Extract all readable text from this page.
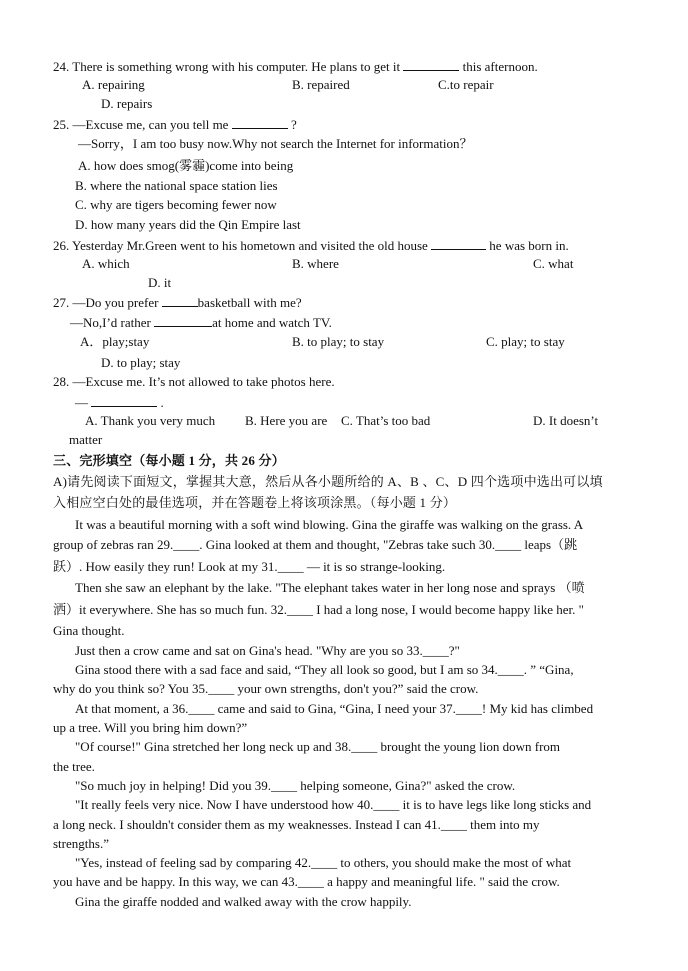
24. There is something wrong with his computer. He plans to get it	this afternoon.
A. repairing	B. repaired	C.to repair
D. repairs
25. —Excuse me, can you tell me	?
—Sorry，I am too busy now.Why not search the Internet for information？
A. how does smog(雾霾)come into being
B. where the national space station lies
C. why are tigers becoming fewer now
D. how many years did the Qin Empire last
26. Yesterday Mr.Green went to his hometown and visited the old house	he was born in.
A. which	B. where	C. what
D. it
27. —Do you prefer	basketball with me?
—No,I’d rather	at home and watch TV.
A．play;stay	B. to play; to stay	C. play; to stay
D. to play; stay
28. —Excuse me. It’s not allowed to take photos here.
—	.
A. Thank you very much B. Here you are C. That’s too bad	D. It doesn’t
matter
三、完形填空（每小题 1 分，共 26 分）
A)请先阅读下面短文，掌握其大意，然后从各小题所给的 A、B 、C、D 四个选项中选出可以填
入相应空白处的最佳选项，并在答题卷上将该项涂黑。（每小题 1 分）
It was a beautiful morning with a soft wind blowing. Gina the giraffe was walking on the grass. A
group of zebras ran 29.____. Gina looked at them and thought, "Zebras take such 30.____ leaps（跳
跃）. How easily they run! Look at my 31.____ — it is so strange-looking.
Then she saw an elephant by the lake. "The elephant takes water in her long nose and sprays （喷
洒）it everywhere. She has so much fun. 32.____ I had a long nose, I would become happy like her. "
Gina thought.
Just then a crow came and sat on Gina's head. "Why are you so 33.____?"
Gina stood there with a sad face and said, “They all look so good, but I am so 34.____. ” “Gina,
why do you think so? You 35.____ your own strengths, don't you?” said the crow.
At that moment, a 36.____ came and said to Gina, “Gina, I need your 37.____! My kid has climbed
up a tree. Will you bring him down?”
"Of course!" Gina stretched her long neck up and 38.____ brought the young lion down from
the tree.
"So much joy in helping! Did you 39.____ helping someone, Gina?" asked the crow.
"It really feels very nice. Now I have understood how 40.____ it is to have legs like long sticks and
a long neck. I shouldn't consider them as my weaknesses. Instead I can 41.____ them into my
strengths.”
"Yes, instead of feeling sad by comparing 42.____ to others, you should make the most of what
you have and be happy. In this way, we can 43.____ a happy and meaningful life. " said the crow.
Gina the giraffe nodded and walked away with the crow happily.
